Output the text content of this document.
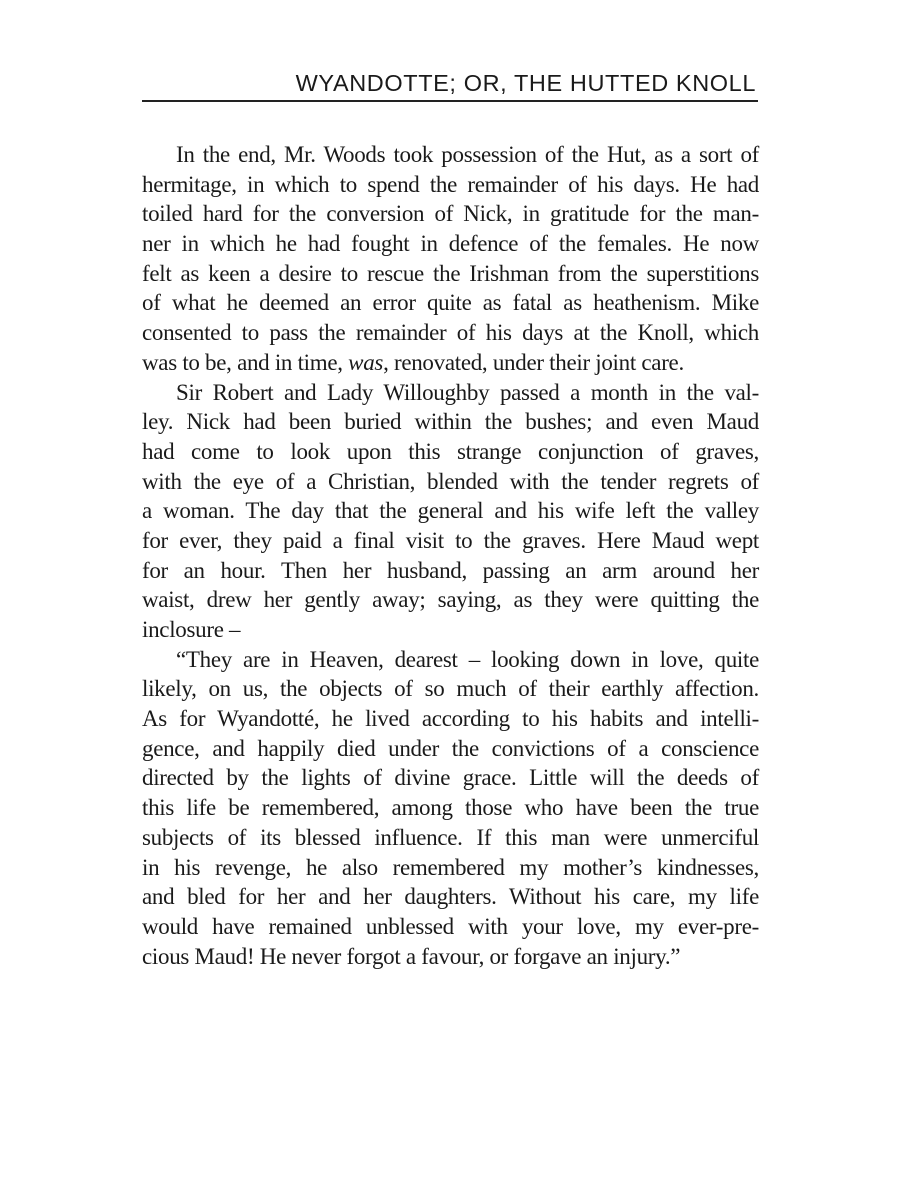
WYANDOTTE; OR, THE HUTTED KNOLL
In the end, Mr. Woods took possession of the Hut, as a sort of
hermitage, in which to spend the remainder of his days. He had
toiled hard for the conversion of Nick, in gratitude for the man-
ner in which he had fought in defence of the females. He now
felt as keen a desire to rescue the Irishman from the superstitions
of what he deemed an error quite as fatal as heathenism. Mike
consented to pass the remainder of his days at the Knoll, which
was to be, and in time, was, renovated, under their joint care.
Sir Robert and Lady Willoughby passed a month in the val-
ley. Nick had been buried within the bushes; and even Maud
had come to look upon this strange conjunction of graves,
with the eye of a Christian, blended with the tender regrets of
a woman. The day that the general and his wife left the valley
for ever, they paid a final visit to the graves. Here Maud wept
for an hour. Then her husband, passing an arm around her
waist, drew her gently away; saying, as they were quitting the
inclosure –
“They are in Heaven, dearest – looking down in love, quite
likely, on us, the objects of so much of their earthly affection.
As for Wyandotté, he lived according to his habits and intelli-
gence, and happily died under the convictions of a conscience
directed by the lights of divine grace. Little will the deeds of
this life be remembered, among those who have been the true
subjects of its blessed influence. If this man were unmerciful
in his revenge, he also remembered my mother’s kindnesses,
and bled for her and her daughters. Without his care, my life
would have remained unblessed with your love, my ever-pre-
cious Maud! He never forgot a favour, or forgave an injury.”
